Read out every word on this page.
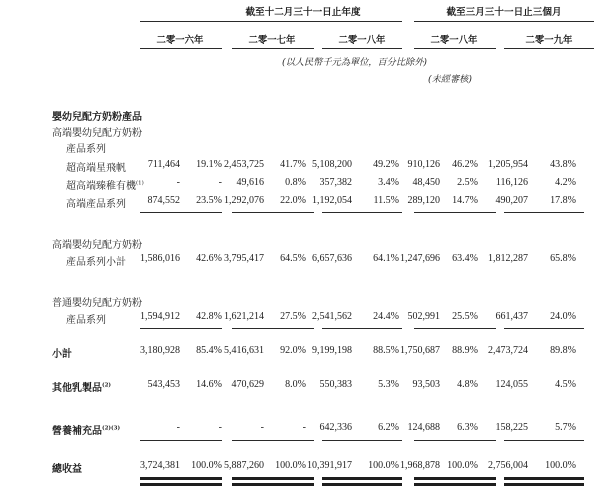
截至十二月三十一日止年度	截至三月三十一日止三個月
二零一六年	二零一七年	二零一八年	二零一八年	二零一九年
(以人民幣千元為單位，百分比除外)
(未經審核)
嬰幼兒配方奶粉產品
高端嬰幼兒配方奶粉
產品系列
超高端星飛帆	711,464	19.1% 2,453,725	41.7% 5,108,200	49.2% 910,126	46.2%	1,205,954	43.8%
超高端臻稚有機$^{(1)}$	-	-	49,616	0.8%	357,382	3.4%	48,450	2.5%	116,126	4.2%
高端產品系列	874,552	23.5% 1,292,076	22.0% 1,192,054	11.5% 289,120	14.7%	490,207	17.8%
高端嬰幼兒配方奶粉
產品系列小計	1,586,016	42.6% 3,795,417	64.5% 6,657,636	64.1% 1,247,696	63.4%	1,812,287	65.8%
普通嬰幼兒配方奶粉
產品系列	1,594,912	42.8% 1,621,214	27.5% 2,541,562	24.4% 502,991	25.5%	661,437	24.0%
小計	3,180,928	85.4% 5,416,631	92.0% 9,199,198	88.5% 1,750,687	88.9%	2,473,724	89.8%
其他乳製品$^{(2)}$	543,453	14.6% 470,629	8.0%	550,383	5.3%	93,503	4.8%	124,055	4.5%
營養補充品$^{(2)(3)}$	-	-	-	-	642,336	6.2% 124,688	6.3%	158,225	5.7%
總收益	3,724,381	100.0% 5,887,260	100.0% 10,391,917	100.0% 1,968,878 100.0%	2,756,004	100.0%
